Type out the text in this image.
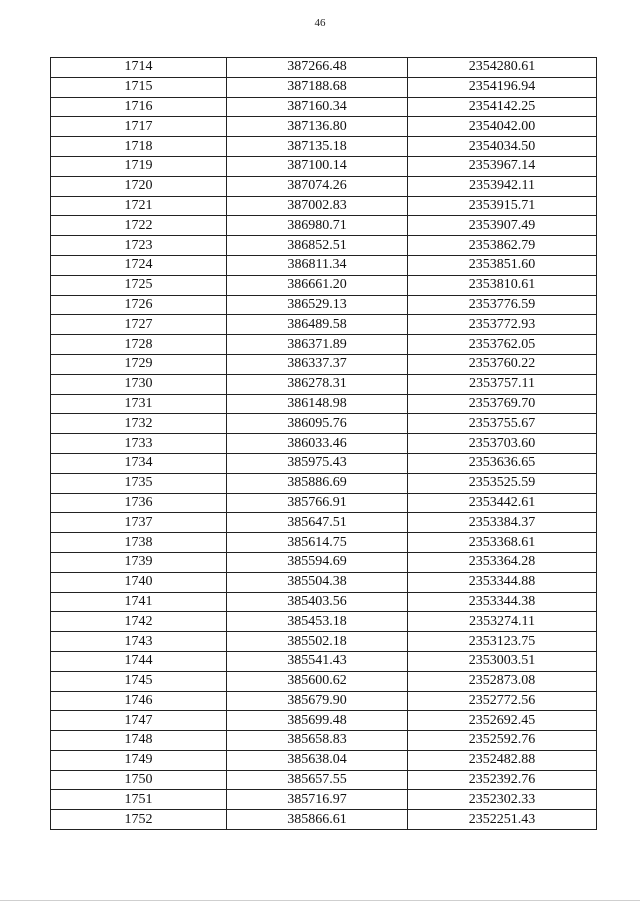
46
1714	387266.48	2354280.61
1715	387188.68	2354196.94
1716	387160.34	2354142.25
1717	387136.80	2354042.00
1718	387135.18	2354034.50
1719	387100.14	2353967.14
1720	387074.26	2353942.11
1721	387002.83	2353915.71
1722	386980.71	2353907.49
1723	386852.51	2353862.79
1724	386811.34	2353851.60
1725	386661.20	2353810.61
1726	386529.13	2353776.59
1727	386489.58	2353772.93
1728	386371.89	2353762.05
1729	386337.37	2353760.22
1730	386278.31	2353757.11
1731	386148.98	2353769.70
1732	386095.76	2353755.67
1733	386033.46	2353703.60
1734	385975.43	2353636.65
1735	385886.69	2353525.59
1736	385766.91	2353442.61
1737	385647.51	2353384.37
1738	385614.75	2353368.61
1739	385594.69	2353364.28
1740	385504.38	2353344.88
1741	385403.56	2353344.38
1742	385453.18	2353274.11
1743	385502.18	2353123.75
1744	385541.43	2353003.51
1745	385600.62	2352873.08
1746	385679.90	2352772.56
1747	385699.48	2352692.45
1748	385658.83	2352592.76
1749	385638.04	2352482.88
1750	385657.55	2352392.76
1751	385716.97	2352302.33
1752	385866.61	2352251.43
